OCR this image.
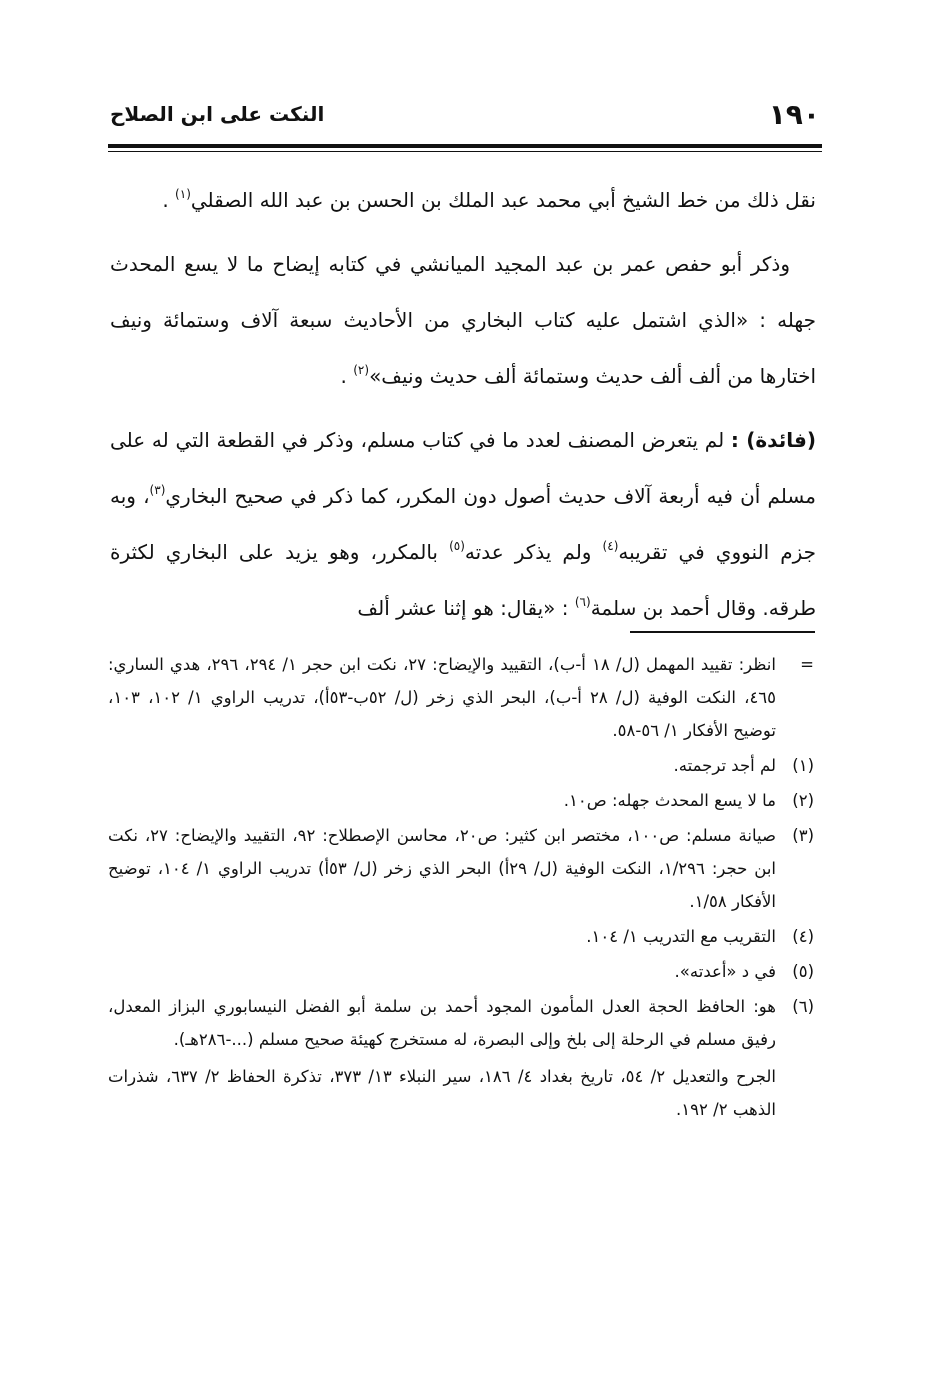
١٩٠
النكت على ابن الصلاح

نقل ذلك من خط الشيخ أبي محمد عبد الملك بن الحسن بن عبد الله الصقلي$^{(١)}$ .

وذكر أبو حفص عمر بن عبد المجيد الميانشي في كتابه إيضاح ما لا يسع المحدث جهله : «الذي اشتمل عليه كتاب البخاري من الأحاديث سبعة آلاف وستمائة ونيف اختارها من ألف ألف حديث وستمائة ألف حديث ونيف»$^{(٢)}$ .

(فائدة) : لم يتعرض المصنف لعدد ما في كتاب مسلم، وذكر في القطعة التي له على مسلم أن فيه أربعة آلاف حديث أصول دون المكرر، كما ذكر في صحيح البخاري$^{(٣)}$، وبه جزم النووي في تقريبه$^{(٤)}$ ولم يذكر عدته$^{(٥)}$ بالمكرر، وهو يزيد على البخاري لكثرة طرقه. وقال أحمد بن سلمة$^{(٦)}$ : «يقال: هو إثنا عشر ألف

=
انظر: تقييد المهمل (ل/ ١٨ أ-ب)، التقييد والإيضاح: ٢٧، نكت ابن حجر ١/ ٢٩٤، ٢٩٦، هدي الساري: ٤٦٥، النكت الوفية (ل/ ٢٨ أ-ب)، البحر الذي زخر (ل/ ٥٢ب-٥٣أ)، تدريب الراوي ١/ ١٠٢، ١٠٣، توضيح الأفكار ١/ ٥٦-٥٨.
(١)
لم أجد ترجمته.
(٢)
ما لا يسع المحدث جهله: ص١٠.
(٣)
صيانة مسلم: ص١٠٠، مختصر ابن كثير: ص٢٠، محاسن الإصطلاح: ٩٢، التقييد والإيضاح: ٢٧، نكت ابن حجر: ١/٢٩٦، النكت الوفية (ل/ ٢٩أ) البحر الذي زخر (ل/ ٥٣أ) تدريب الراوي ١/ ١٠٤، توضيح الأفكار ١/٥٨.
(٤)
التقريب مع التدريب ١/ ١٠٤.
(٥)
في د «أعدته».
(٦)
هو: الحافظ الحجة العدل المأمون المجود أحمد بن سلمة أبو الفضل النيسابوري البزاز المعدل، رفيق مسلم في الرحلة إلى بلخ وإلى البصرة، له مستخرج كهيئة صحيح مسلم (...-٢٨٦هـ).

الجرح والتعديل ٢/ ٥٤، تاريخ بغداد ٤/ ١٨٦، سير النبلاء ١٣/ ٣٧٣، تذكرة الحفاظ ٢/ ٦٣٧، شذرات الذهب ٢/ ١٩٢.
